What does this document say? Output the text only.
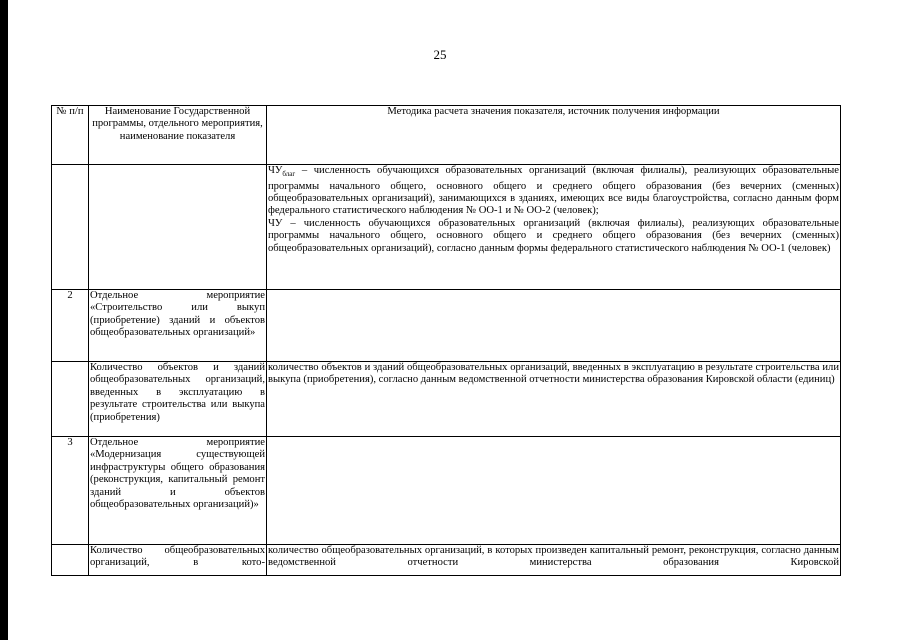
25
№ п/п	Наименование Государственной программы, отдельного мероприятия, наименование показателя	Методика расчета значения показателя, источник получения информации

		$ЧУ_{благ}$ – численность обучающихся образовательных организаций (включая филиалы), реализующих образовательные программы начального общего, основного общего и среднего общего образования (без вечерних (сменных) общеобразовательных организаций), занимающихся в зданиях, имеющих все виды благоустройства, согласно данным форм федерального статистического наблюдения № ОО-1 и № ОО-2 (человек);
ЧУ – численность обучающихся образовательных организаций (включая филиалы), реализующих образовательные программы начального общего, основного общего и среднего общего образования (без вечерних (сменных) общеобразовательных организаций), согласно данным формы федерального статистического наблюдения № ОО-1 (человек)

2	Отдельное мероприятие «Строительство или выкуп (приобретение) зданий и объектов общеобразовательных организаций»	
	Количество объектов и зданий общеобразовательных организаций, введенных в эксплуатацию в результате строительства или выкупа (приобретения)	количество объектов и зданий общеобразовательных организаций, введенных в эксплуатацию в результате строительства или выкупа (приобретения), согласно данным ведомственной отчетности министерства образования Кировской области (единиц)
3	Отдельное мероприятие «Модернизация существующей инфраструктуры общего образования (реконструкция, капитальный ремонт зданий и объектов общеобразовательных организаций)»	
	Количество общеобразовательных организаций, в кото-	количество общеобразовательных организаций, в которых произведен капитальный ремонт, реконструкция, согласно данным ведомственной отчетности министерства образования Кировской
